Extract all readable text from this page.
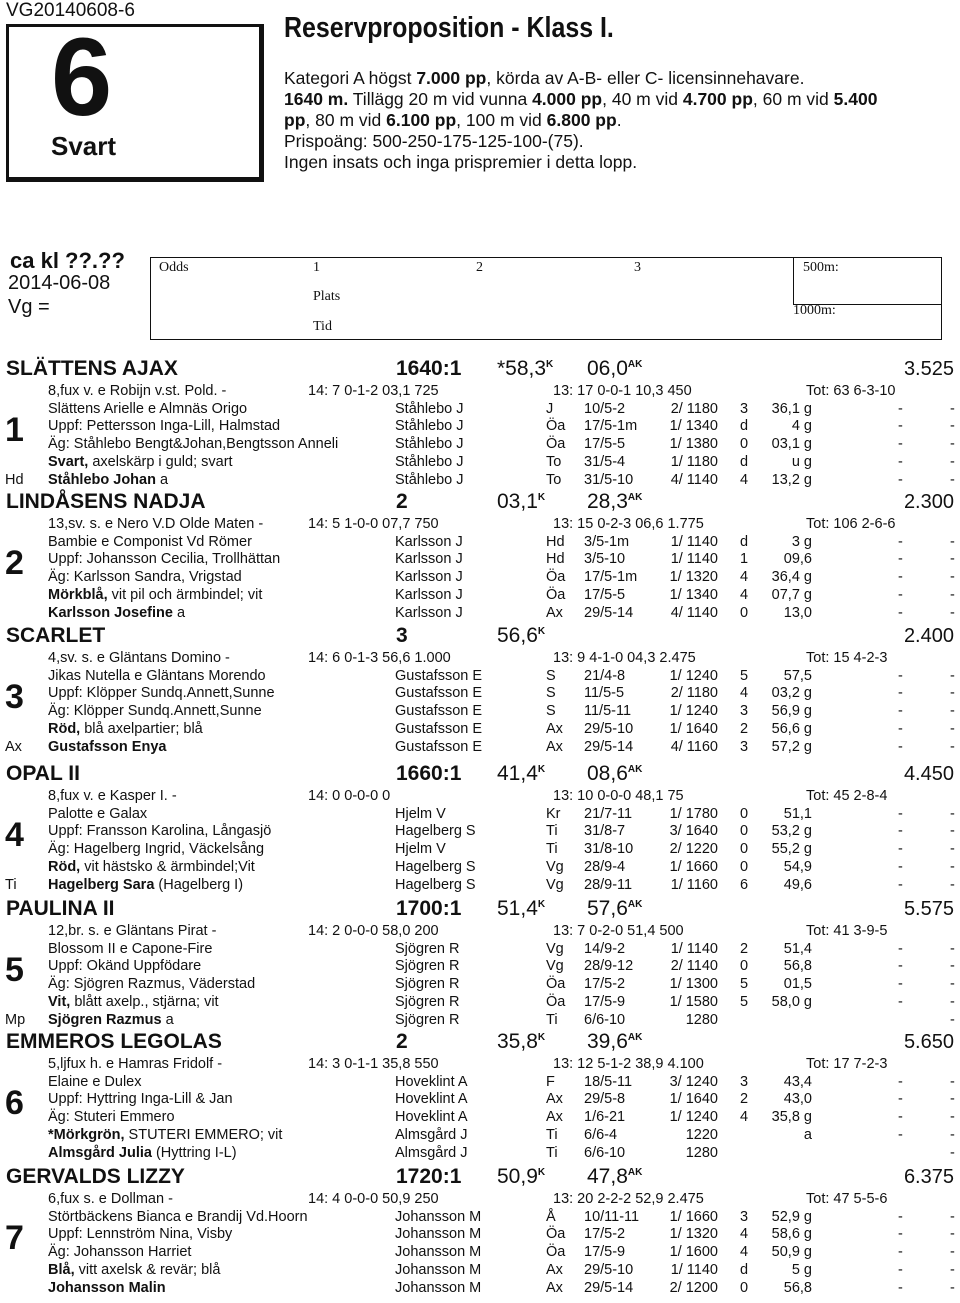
VG20140608-6
6
Svart
Reservproposition - Klass I.
Kategori A högst 7.000 pp, körda av A-B- eller C- licensinnehavare.
1640 m. Tillägg 20 m vid vunna 4.000 pp, 40 m vid 4.700 pp, 60 m vid 5.400
pp, 80 m vid 6.100 pp, 100 m vid 6.800 pp.
Prispoäng: 500-250-175-125-100-(75).
Ingen insats och inga prispremier i detta lopp.
ca kl ??.??
2014-06-08
Vg =
Odds	1	2	3
Plats
Tid
500m:
1000m:
SLÄTTENS AJAX	1640:1 $*58,3^K$ $06,0^{AK}$	3.525
8,fux v. e Robijn v.st. Pold. -	14: 7 0-1-2 03,1 725	13: 17 0-0-1 10,3 450	Tot: 63 6-3-10
Slättens Arielle e Almnäs Origo	Ståhlebo J	J 10/5-2	2/ 1180 3 36,1 g	-	-
Uppf: Pettersson Inga-Lill, Halmstad	Ståhlebo J	Öa 17/5-1m 1/ 1340 d	4 g	-	-
Äg: Ståhlebo Bengt&Johan,Bengtsson Anneli	Ståhlebo J	Öa 17/5-5	1/ 1380 0 03,1 g	-	-
Svart, axelskärp i guld; svart	Ståhlebo J	To 31/5-4	1/ 1180 d	u g	-	-
Ståhlebo Johan a	Ståhlebo J	To 31/5-10	4/ 1140 4 13,2 g	-	-
1
Hd
LINDÅSENS NADJA	2	$03,1^K$ $28,3^{AK}$	2.300
13,sv. s. e Nero V.D Olde Maten -	14: 5 1-0-0 07,7 750	13: 15 0-2-3 06,6 1.775	Tot: 106 2-6-6
Bambie e Componist Vd Römer	Karlsson J	Hd 3/5-1m	1/ 1140 d	3 g	-	-
Uppf: Johansson Cecilia, Trollhättan	Karlsson J	Hd 3/5-10	1/ 1140 1 09,6	-	-
Äg: Karlsson Sandra, Vrigstad	Karlsson J	Öa 17/5-1m 1/ 1320 4 36,4 g	-	-
Mörkblå, vit pil och ärmbindel; vit	Karlsson J	Öa 17/5-5	1/ 1340 4 07,7 g	-	-
Karlsson Josefine a	Karlsson J	Ax 29/5-14	4/ 1140 0 13,0	-	-
2
SCARLET	3	$56,6^K$	2.400
4,sv. s. e Gläntans Domino -	14: 6 0-1-3 56,6 1.000	13: 9 4-1-0 04,3 2.475	Tot: 15 4-2-3
Jikas Nutella e Gläntans Morendo	Gustafsson E	S 21/4-8	1/ 1240 5 57,5	-	-
Uppf: Klöpper Sundq.Annett,Sunne	Gustafsson E	S 11/5-5	2/ 1180 4 03,2 g	-	-
Äg: Klöpper Sundq.Annett,Sunne	Gustafsson E	S 11/5-11	1/ 1240 3 56,9 g	-	-
Röd, blå axelpartier; blå	Gustafsson E	Ax 29/5-10	1/ 1640 2 56,6 g	-	-
Gustafsson Enya	Gustafsson E	Ax 29/5-14	4/ 1160 3 57,2 g	-	-
3
Ax
OPAL II	1660:1 $41,4^K$ $08,6^{AK}$	4.450
8,fux v. e Kasper I. -	14: 0 0-0-0 0	13: 10 0-0-0 48,1 75	Tot: 45 2-8-4
Palotte e Galax	Hjelm V	Kr 21/7-11	1/ 1780 0 51,1	-	-
Uppf: Fransson Karolina, Långasjö	Hagelberg S	Ti 31/8-7	3/ 1640 0 53,2 g	-	-
Äg: Hagelberg Ingrid, Väckelsång	Hjelm V	Ti 31/8-10	2/ 1220 0 55,2 g	-	-
Röd, vit hästsko & ärmbindel;Vit	Hagelberg S	Vg 28/9-4	1/ 1660 0 54,9	-	-
Hagelberg Sara (Hagelberg I)	Hagelberg S	Vg 28/9-11	1/ 1160 6 49,6	-	-
4
Ti
PAULINA II	1700:1 $51,4^K$ $57,6^{AK}$	5.575
12,br. s. e Gläntans Pirat -	14: 2 0-0-0 58,0 200	13: 7 0-2-0 51,4 500	Tot: 41 3-9-5
Blossom II e Capone-Fire	Sjögren R	Vg 14/9-2	1/ 1140 2 51,4	-	-
Uppf: Okänd Uppfödare	Sjögren R	Vg 28/9-12	2/ 1140 0 56,8	-	-
Äg: Sjögren Razmus, Väderstad	Sjögren R	Öa 17/5-2	1/ 1300 5 01,5	-	-
Vit, blått axelp., stjärna; vit	Sjögren R	Öa 17/5-9	1/ 1580 5 58,0 g	-	-
Sjögren Razmus a	Sjögren R	Ti 6/6-10	1280	-
5
Mp
EMMEROS LEGOLAS	2	$35,8^K$ $39,6^{AK}$	5.650
5,ljfux h. e Hamras Fridolf -	14: 3 0-1-1 35,8 550	13: 12 5-1-2 38,9 4.100	Tot: 17 7-2-3
Elaine e Dulex	Hoveklint A	F 18/5-11	3/ 1240 3 43,4	-	-
Uppf: Hyttring Inga-Lill & Jan	Hoveklint A	Ax 29/5-8	1/ 1640 2 43,0	-	-
Äg: Stuteri Emmero	Hoveklint A	Ax 1/6-21	1/ 1240 4 35,8 g	-	-
*Mörkgrön, STUTERI EMMERO; vit	Almsgård J	Ti 6/6-4	1220	a	-	-
Almsgård Julia (Hyttring I-L)	Almsgård J	Ti 6/6-10	1280	-
6
GERVALDS LIZZY	1720:1 $50,9^K$ $47,8^{AK}$	6.375
6,fux s. e Dollman -	14: 4 0-0-0 50,9 250	13: 20 2-2-2 52,9 2.475	Tot: 47 5-5-6
Störtbäckens Bianca e Brandij Vd.Hoorn	Johansson M	Å 10/11-11 1/ 1660 3 52,9 g	-	-
Uppf: Lennström Nina, Visby	Johansson M	Öa 17/5-2	1/ 1320 4 58,6 g	-	-
Äg: Johansson Harriet	Johansson M	Öa 17/5-9	1/ 1600 4 50,9 g	-	-
Blå, vitt axelsk & revär; blå	Johansson M	Ax 29/5-10	1/ 1140 d	5 g	-	-
Johansson Malin	Johansson M	Ax 29/5-14	2/ 1200 0 56,8	-	-
7
